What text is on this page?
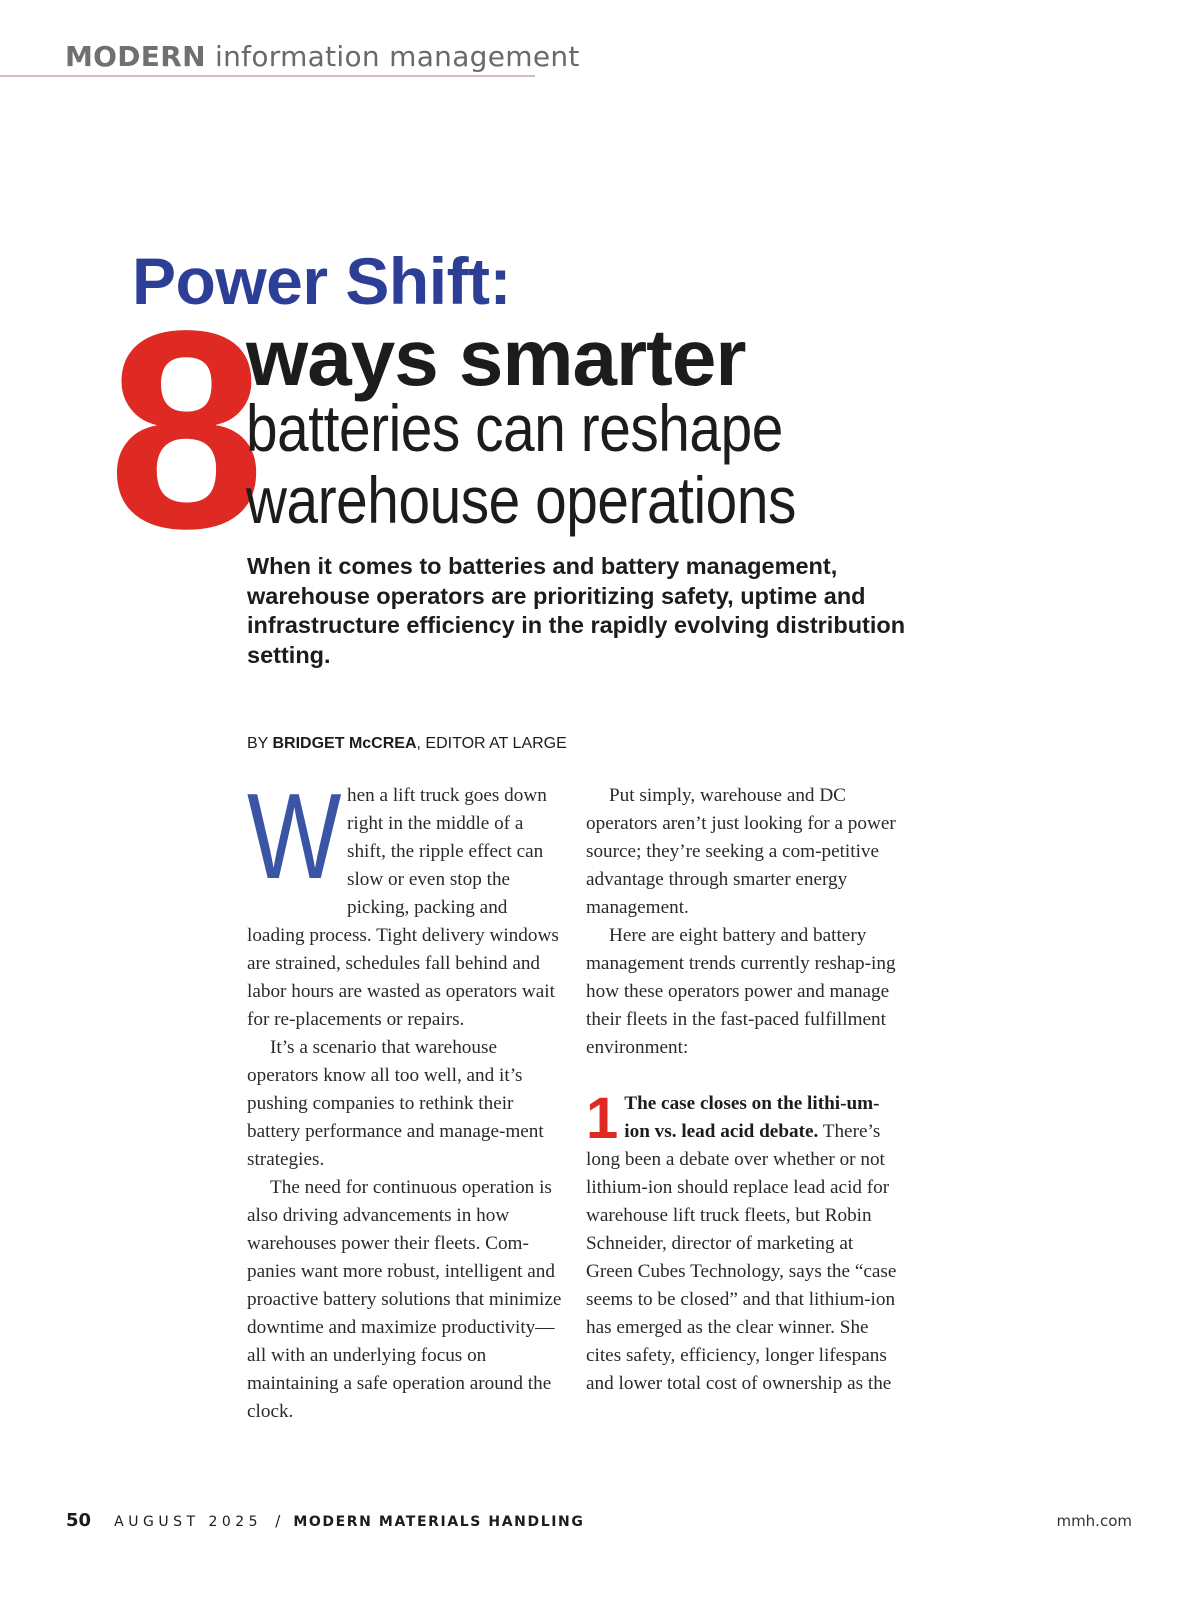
MODERN information management
Power Shift:
8
ways smarter
batteries can reshape
warehouse operations
When it comes to batteries and battery management, warehouse operators are prioritizing safety, uptime and infrastructure efficiency in the rapidly evolving distribution setting.
BY BRIDGET McCREA, EDITOR AT LARGE

When a lift truck goes down right in the middle of a shift, the ripple effect can slow or even stop the picking, packing and loading process. Tight delivery windows are strained, schedules fall behind and labor hours are wasted as operators wait for re-placements or repairs.

It’s a scenario that warehouse operators know all too well, and it’s pushing companies to rethink their battery performance and manage-ment strategies.

The need for continuous operation is also driving advancements in how warehouses power their fleets. Com-panies want more robust, intelligent and proactive battery solutions that minimize downtime and maximize productivity—all with an underlying focus on maintaining a safe operation around the clock.

Put simply, warehouse and DC operators aren’t just looking for a power source; they’re seeking a com-petitive advantage through smarter energy management.

Here are eight battery and battery management trends currently reshap-ing how these operators power and manage their fleets in the fast-paced fulfillment environment:

1 The case closes on the lithi-um-ion vs. lead acid debate. There’s long been a debate over whether or not lithium-ion should replace lead acid for warehouse lift truck fleets, but Robin Schneider, director of marketing at Green Cubes Technology, says the “case seems to be closed” and that lithium-ion has emerged as the clear winner. She cites safety, efficiency, longer lifespans and lower total cost of ownership as the

50 AUGUST 2025 / MODERN MATERIALS HANDLING	mmh.com
